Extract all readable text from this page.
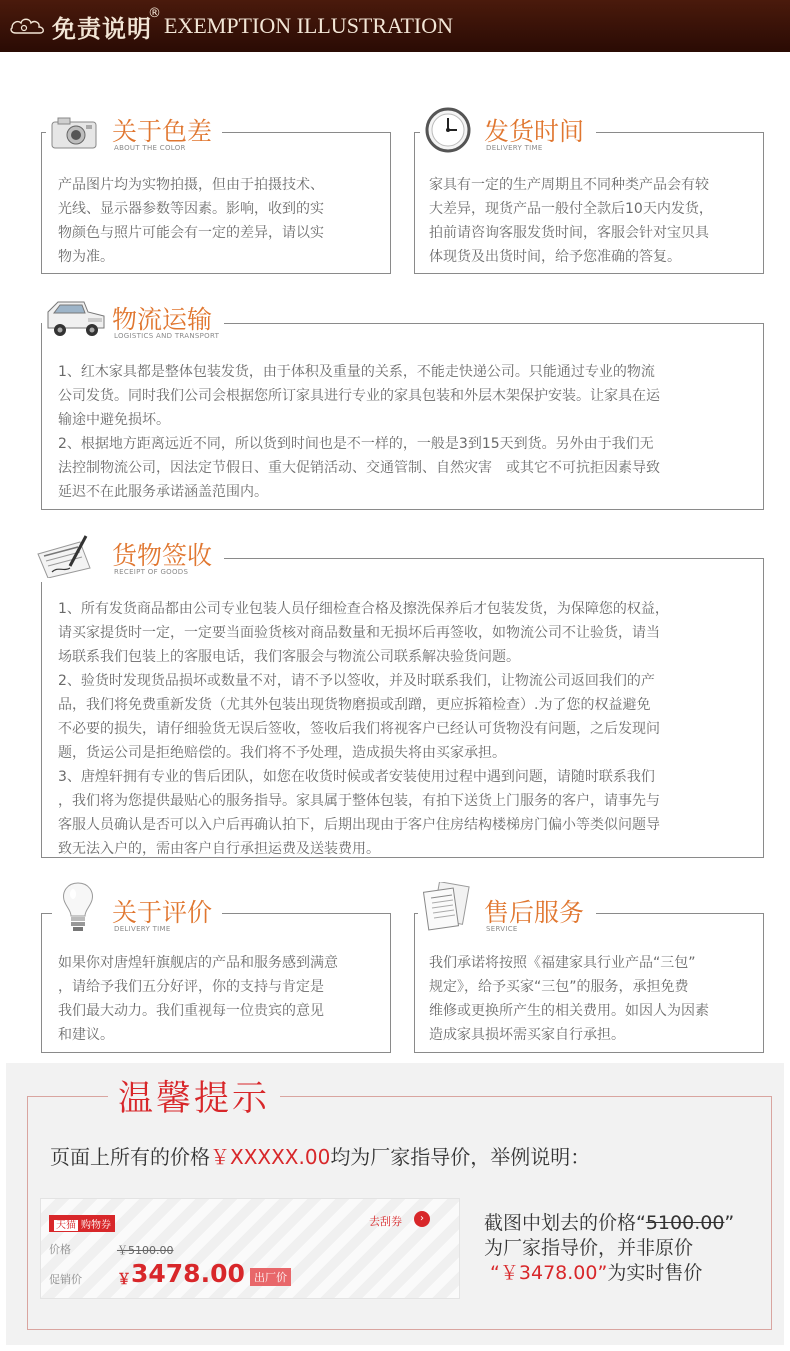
免责说明
® EXEMPTION ILLUSTRATION
产品图片均为实物拍摄，但由于拍摄技术、
光线、显示器参数等因素。影响，收到的实
物颜色与照片可能会有一定的差异，请以实
物为准。
关于色差
ABOUT THE COLOR
家具有一定的生产周期且不同种类产品会有较
大差异，现货产品一般付全款后10天内发货，
拍前请咨询客服发货时间，客服会针对宝贝具
体现货及出货时间，给予您准确的答复。
发货时间
DELIVERY TIME
1、红木家具都是整体包装发货，由于体积及重量的关系，不能走快递公司。只能通过专业的物流
公司发货。同时我们公司会根据您所订家具进行专业的家具包装和外层木架保护安装。让家具在运
输途中避免损坏。
2、根据地方距离远近不同，所以货到时间也是不一样的，一般是3到15天到货。另外由于我们无
法控制物流公司，因法定节假日、重大促销活动、交通管制、自然灾害　或其它不可抗拒因素导致
延迟不在此服务承诺涵盖范围内。
物流运输
LOGISTICS AND TRANSPORT
1、所有发货商品都由公司专业包装人员仔细检查合格及擦洗保养后才包装发货，为保障您的权益，
请买家提货时一定，一定要当面验货核对商品数量和无损坏后再签收，如物流公司不让验货，请当
场联系我们包装上的客服电话，我们客服会与物流公司联系解决验货问题。
2、验货时发现货品损坏或数量不对，请不予以签收，并及时联系我们，让物流公司返回我们的产
品，我们将免费重新发货（尤其外包装出现货物磨损或刮蹭，更应拆箱检查）.为了您的权益避免
不必要的损失，请仔细验货无误后签收，签收后我们将视客户已经认可货物没有问题，之后发现问
题，货运公司是拒绝赔偿的。我们将不予处理，造成损失将由买家承担。
3、唐煌轩拥有专业的售后团队，如您在收货时候或者安装使用过程中遇到问题，请随时联系我们
，我们将为您提供最贴心的服务指导。家具属于整体包装，有拍下送货上门服务的客户，请事先与
客服人员确认是否可以入户后再确认拍下，后期出现由于客户住房结构楼梯房门偏小等类似问题导
致无法入户的，需由客户自行承担运费及送装费用。
货物签收
RECEIPT OF GOODS
如果你对唐煌轩旗舰店的产品和服务感到满意
，请给予我们五分好评，你的支持与肯定是
我们最大动力。我们重视每一位贵宾的意见
和建议。
关于评价
DELIVERY TIME
我们承诺将按照《福建家具行业产品“三包”
规定》，给予买家“三包”的服务，承担免费
维修或更换所产生的相关费用。如因人为因素
造成家具损坏需买家自行承担。
售后服务
SERVICE
温馨提示
页面上所有的价格￥XXXXX.00均为厂家指导价，举例说明：
天猫 购物券	去刮券	›
价格	￥5100.00
促销价	￥ 3478.00 出厂价
截图中划去的价格“5100.00”
为厂家指导价，并非原价
“￥3478.00”为实时售价
